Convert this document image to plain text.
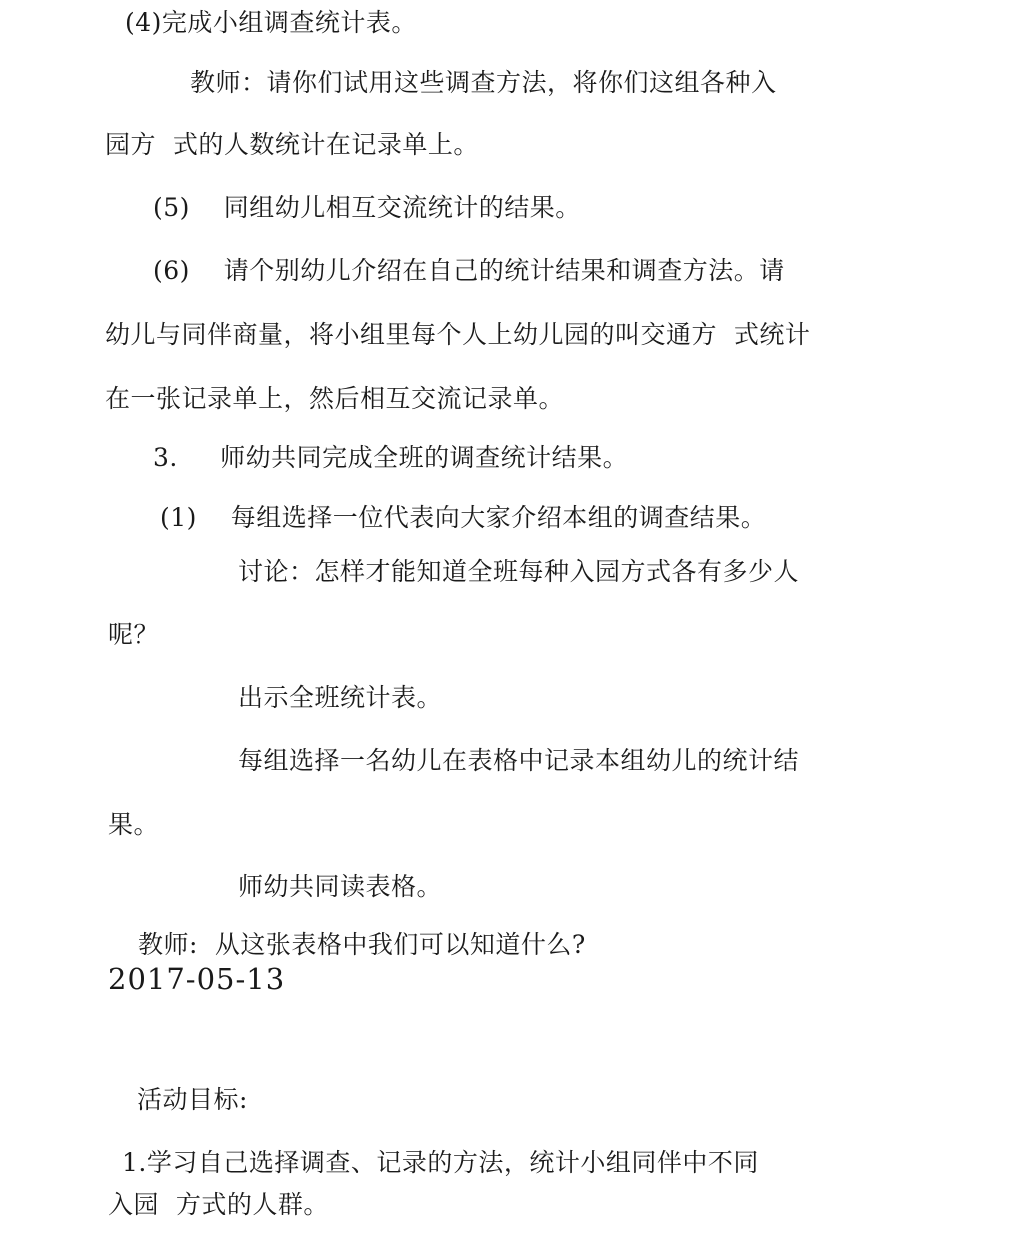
(4)完成小组调查统计表。
教师：请你们试用这些调查方法，将你们这组各种入
园方  式的人数统计在记录单上。
(5)    同组幼儿相互交流统计的结果。
(6)    请个别幼儿介绍在自己的统计结果和调查方法。请
幼儿与同伴商量，将小组里每个人上幼儿园的叫交通方  式统计
在一张记录单上，然后相互交流记录单。
3.     师幼共同完成全班的调查统计结果。
(1)    每组选择一位代表向大家介绍本组的调查结果。
讨论：怎样才能知道全班每种入园方式各有多少人
呢？
出示全班统计表。
每组选择一名幼儿在表格中记录本组幼儿的统计结
果。
师幼共同读表格。
教师:  从这张表格中我们可以知道什么?
2017-05-13
活动目标:
1.学习自己选择调查、记录的方法，统计小组同伴中不同
入园  方式的人群。
